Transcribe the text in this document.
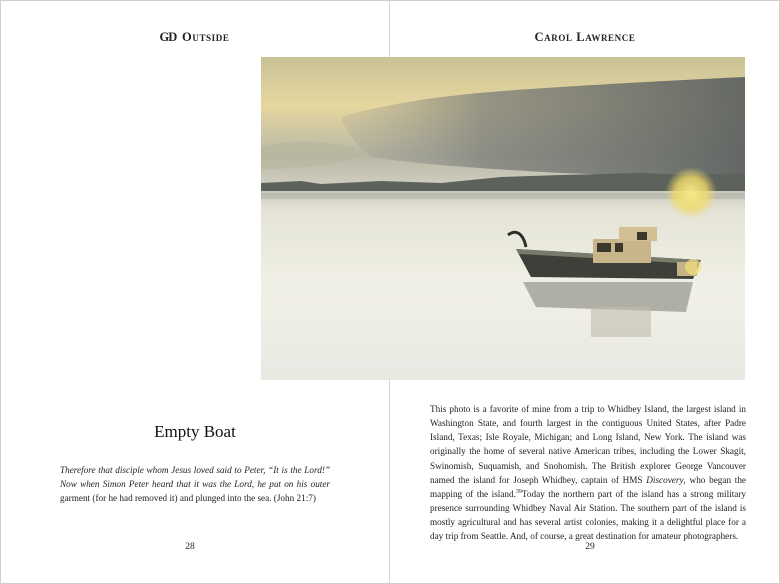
GD Outside	Carol Lawrence
Empty Boat
Therefore that disciple whom Jesus loved said to Peter, “It is the Lord!” Now when Simon Peter heard that it was the Lord, he put on his outer garment (for he had removed it) and plunged into the sea. (John 21:7)
This photo is a favorite of mine from a trip to Whidbey Island, the largest island in Washington State, and fourth largest in the contiguous United States, after Padre Island, Texas; Isle Royale, Michigan; and Long Island, New York. The island was originally the home of several native American tribes, including the Lower Skagit, Swinomish, Suquamish, and Snohomish. The British explorer George Vancouver named the island for Joseph Whidbey, captain of HMS Discovery, who began the mapping of the island.$^{39}$Today the northern part of the island has a strong military presence surrounding Whidbey Naval Air Station. The southern part of the island is mostly agricultural and has several artist colonies, making it a delightful place for a day trip from Seattle. And, of course, a great destination for amateur photographers.
28	29
